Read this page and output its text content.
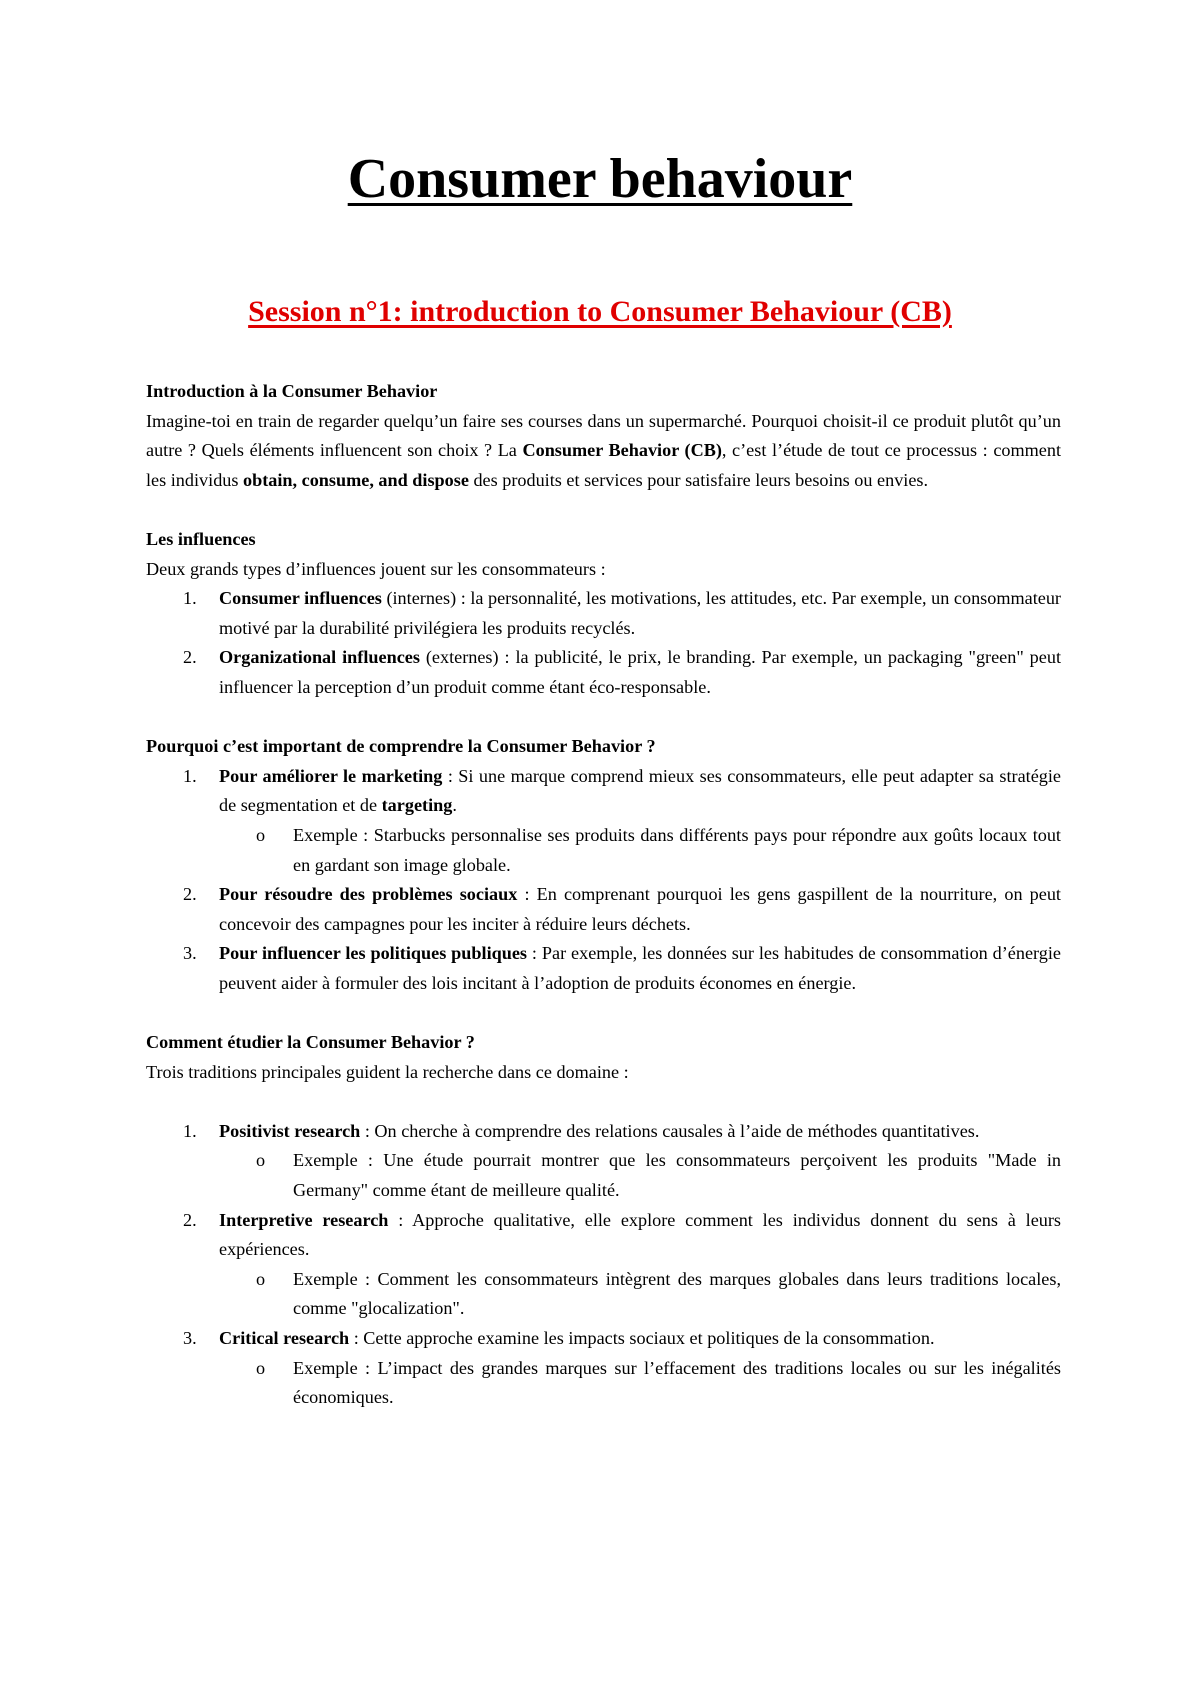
Consumer behaviour
Session n°1: introduction to Consumer Behaviour (CB)

Introduction à la Consumer Behavior

Imagine-toi en train de regarder quelqu’un faire ses courses dans un supermarché. Pourquoi choisit-il ce produit plutôt qu’un autre ? Quels éléments influencent son choix ? La Consumer Behavior (CB), c’est l’étude de tout ce processus : comment les individus obtain, consume, and dispose des produits et services pour satisfaire leurs besoins ou envies.

Les influences

Deux grands types d’influences jouent sur les consommateurs :

1. Consumer influences (internes) : la personnalité, les motivations, les attitudes, etc. Par exemple, un consommateur motivé par la durabilité privilégiera les produits recyclés.
2. Organizational influences (externes) : la publicité, le prix, le branding. Par exemple, un packaging "green" peut influencer la perception d’un produit comme étant éco-responsable.

Pourquoi c’est important de comprendre la Consumer Behavior ?

1. Pour améliorer le marketing : Si une marque comprend mieux ses consommateurs, elle peut adapter sa stratégie de segmentation et de targeting.
o Exemple : Starbucks personnalise ses produits dans différents pays pour répondre aux goûts locaux tout en gardant son image globale.
2. Pour résoudre des problèmes sociaux : En comprenant pourquoi les gens gaspillent de la nourriture, on peut concevoir des campagnes pour les inciter à réduire leurs déchets.
3. Pour influencer les politiques publiques : Par exemple, les données sur les habitudes de consommation d’énergie peuvent aider à formuler des lois incitant à l’adoption de produits économes en énergie.

Comment étudier la Consumer Behavior ?

Trois traditions principales guident la recherche dans ce domaine :

1. Positivist research : On cherche à comprendre des relations causales à l’aide de méthodes quantitatives.
o Exemple : Une étude pourrait montrer que les consommateurs perçoivent les produits "Made in Germany" comme étant de meilleure qualité.
2. Interpretive research : Approche qualitative, elle explore comment les individus donnent du sens à leurs expériences.
o Exemple : Comment les consommateurs intègrent des marques globales dans leurs traditions locales, comme "glocalization".
3. Critical research : Cette approche examine les impacts sociaux et politiques de la consommation.
o Exemple : L’impact des grandes marques sur l’effacement des traditions locales ou sur les inégalités économiques.
